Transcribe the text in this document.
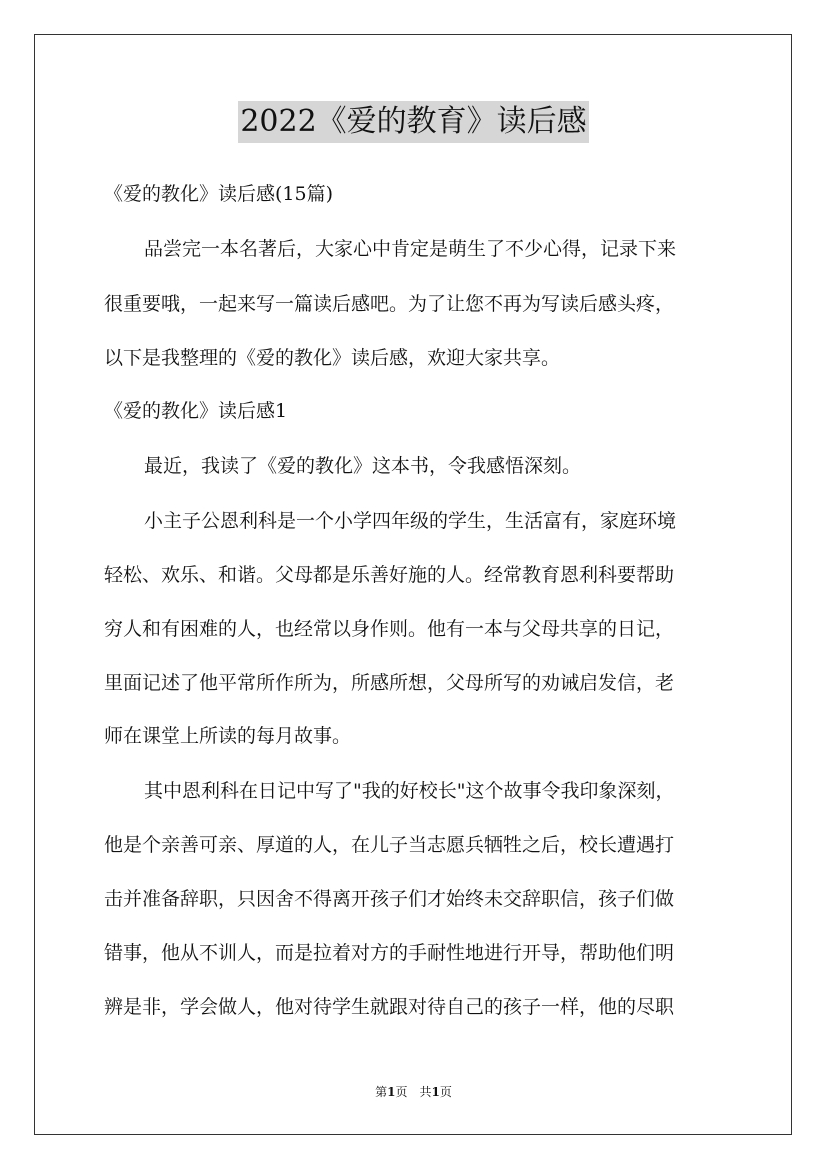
2022《爱的教育》读后感
《爱的教化》读后感(15篇)
品尝完一本名著后，大家心中肯定是萌生了不少心得，记录下来
很重要哦，一起来写一篇读后感吧。为了让您不再为写读后感头疼，
以下是我整理的《爱的教化》读后感，欢迎大家共享。
《爱的教化》读后感1
最近，我读了《爱的教化》这本书，令我感悟深刻。
小主子公恩利科是一个小学四年级的学生，生活富有，家庭环境
轻松、欢乐、和谐。父母都是乐善好施的人。经常教育恩利科要帮助
穷人和有困难的人，也经常以身作则。他有一本与父母共享的日记，
里面记述了他平常所作所为，所感所想，父母所写的劝诫启发信，老
师在课堂上所读的每月故事。
其中恩利科在日记中写了"我的好校长"这个故事令我印象深刻，
他是个亲善可亲、厚道的人，在儿子当志愿兵牺牲之后，校长遭遇打
击并准备辞职，只因舍不得离开孩子们才始终未交辞职信，孩子们做
错事，他从不训人，而是拉着对方的手耐性地进行开导，帮助他们明
辨是非，学会做人，他对待学生就跟对待自己的孩子一样，他的尽职
第1页　共1页
